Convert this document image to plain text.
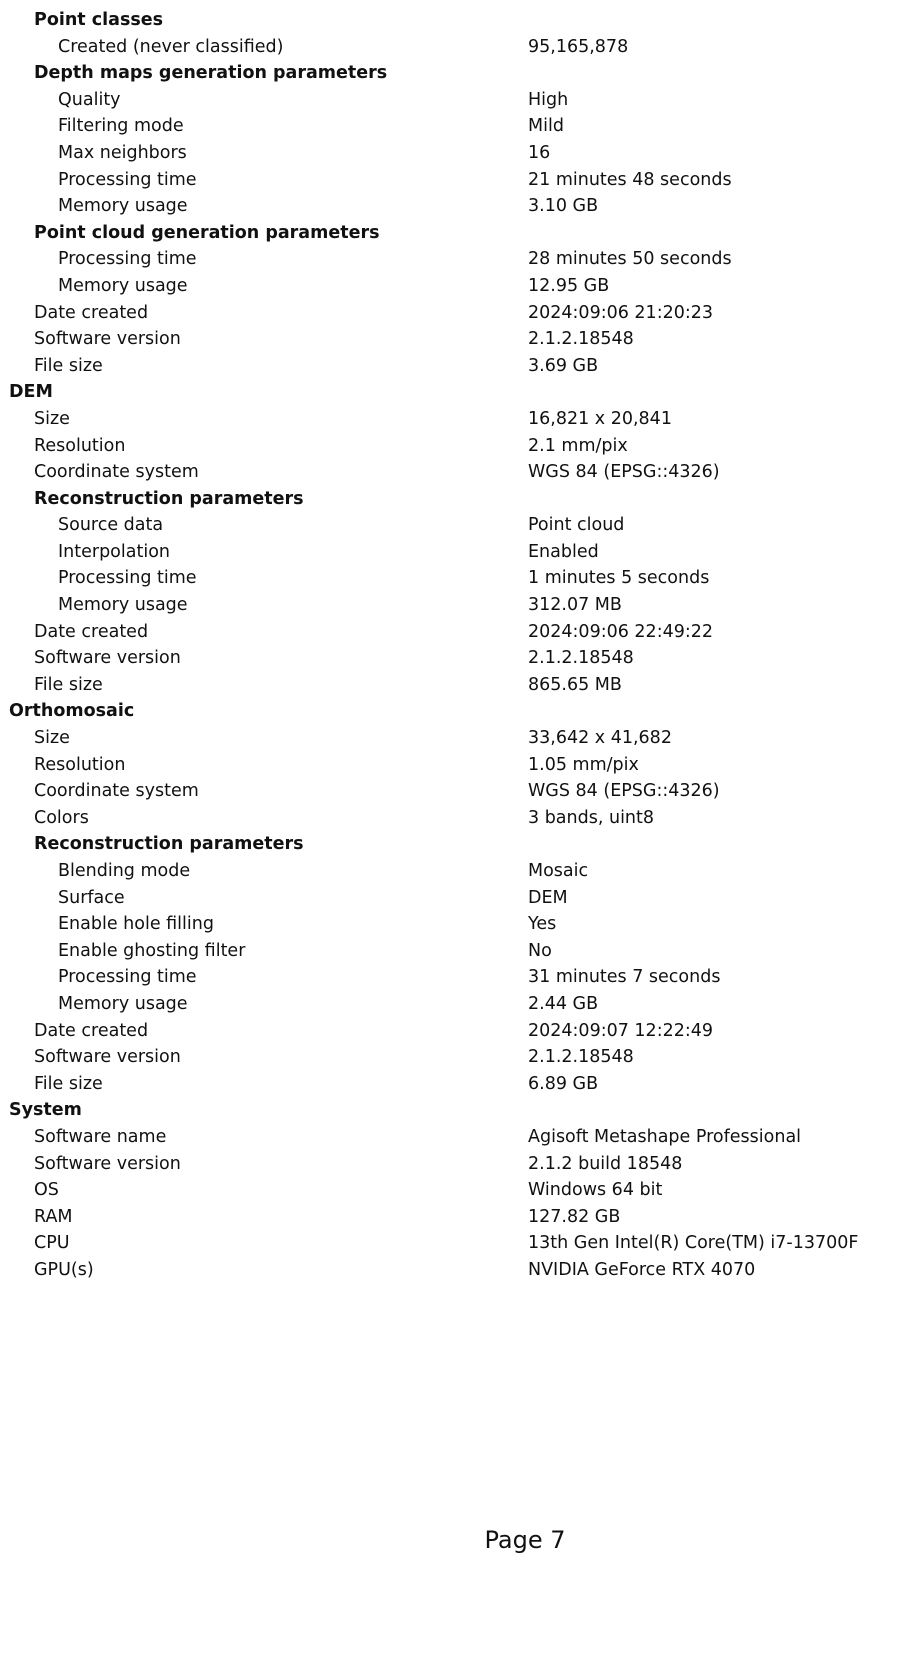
Point classes
Created (never classified)	95,165,878
Depth maps generation parameters
Quality	High
Filtering mode	Mild
Max neighbors	16
Processing time	21 minutes 48 seconds
Memory usage	3.10 GB
Point cloud generation parameters
Processing time	28 minutes 50 seconds
Memory usage	12.95 GB
Date created	2024:09:06 21:20:23
Software version	2.1.2.18548
File size	3.69 GB
DEM
Size	16,821 x 20,841
Resolution	2.1 mm/pix
Coordinate system	WGS 84 (EPSG::4326)
Reconstruction parameters
Source data	Point cloud
Interpolation	Enabled
Processing time	1 minutes 5 seconds
Memory usage	312.07 MB
Date created	2024:09:06 22:49:22
Software version	2.1.2.18548
File size	865.65 MB
Orthomosaic
Size	33,642 x 41,682
Resolution	1.05 mm/pix
Coordinate system	WGS 84 (EPSG::4326)
Colors	3 bands, uint8
Reconstruction parameters
Blending mode	Mosaic
Surface	DEM
Enable hole filling	Yes
Enable ghosting filter	No
Processing time	31 minutes 7 seconds
Memory usage	2.44 GB
Date created	2024:09:07 12:22:49
Software version	2.1.2.18548
File size	6.89 GB
System
Software name	Agisoft Metashape Professional
Software version	2.1.2 build 18548
OS	Windows 64 bit
RAM	127.82 GB
CPU	13th Gen Intel(R) Core(TM) i7-13700F
GPU(s)	NVIDIA GeForce RTX 4070
Page 7
